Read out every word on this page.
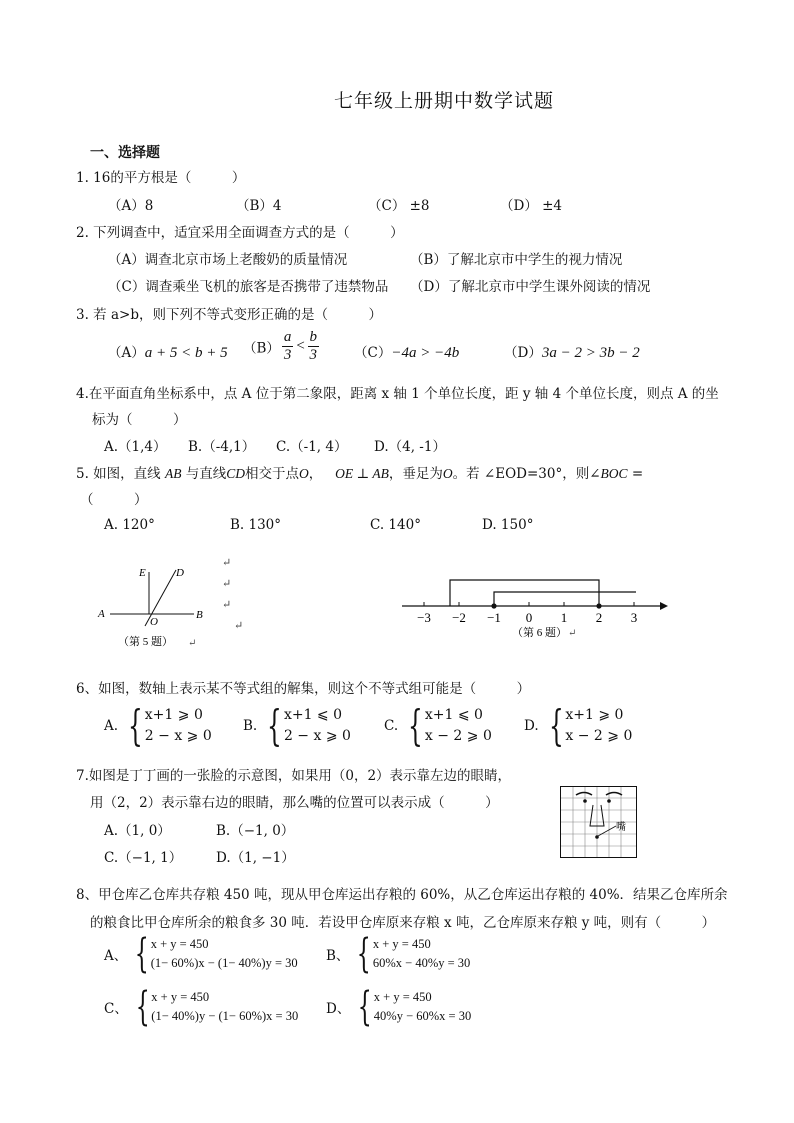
七年级上册期中数学试题
一、选择题
1. 16的平方根是（　　　）
（A）8	（B）4	（C） ±8	（D） ±4
2. 下列调查中，适宜采用全面调查方式的是（　　　）
（A）调查北京市场上老酸奶的质量情况	（B）了解北京市中学生的视力情况
（C）调查乘坐飞机的旅客是否携带了违禁物品 （D）了解北京市中学生课外阅读的情况
3. 若 a>b，则下列不等式变形正确的是（　　　）
（A）a + 5 < b + 5 $(B) \frac{a}{3} < \frac{b}{3}$	（C）−4a > −4b	（D）3a − 2 > 3b − 2
4.在平面直角坐标系中，点 A 位于第二象限，距离 x 轴 1 个单位长度，距 y 轴 4 个单位长度，则点 A 的坐
标为（　　　）
A.（1,4） B.（-4,1） C.（-1, 4） D.（4, -1）
5. 如图，直线 AB 与直线CD相交于点O， OE ⊥ AB，垂足为O。若 ∠EOD=30°，则∠BOC =
（　　　）
A. 120°	B. 130°	C. 140°	D. 150°
E	D
A
O
B
（第 5 题） ↵
↵
↵
↵
↵
−3 −2 −1 0 1 2 3
（第 6 题） ↵
6、如图，数轴上表示某不等式组的解集，则这个不等式组可能是（　　　）
A. { x+1 ⩾ 0
2 − x ⩾ 0
B. { x+1 ⩽ 0
2 − x ⩾ 0
C. { x+1 ⩽ 0
x − 2 ⩾ 0
D. { x+1 ⩾ 0
x − 2 ⩾ 0
7.如图是丁丁画的一张脸的示意图，如果用（0，2）表示靠左边的眼睛，
用（2，2）表示靠右边的眼睛，那么嘴的位置可以表示成（　　　）
A.（1, 0）	B.（−1, 0）
C.（−1, 1）	D.（1, −1）
嘴
8、甲仓库乙仓库共存粮 450 吨，现从甲仓库运出存粮的 60%，从乙仓库运出存粮的 40%．结果乙仓库所余
的粮食比甲仓库所余的粮食多 30 吨．若设甲仓库原来存粮 x 吨，乙仓库原来存粮 y 吨，则有（　　　）
A、 { x + y = 450
(1− 60%)x − (1− 40%)y = 30 B、 { x + y = 450
60%x − 40%y = 30
C、 { x + y = 450
(1− 40%)y − (1− 60%)x = 30 D、 { x + y = 450
40%y − 60%x = 30
